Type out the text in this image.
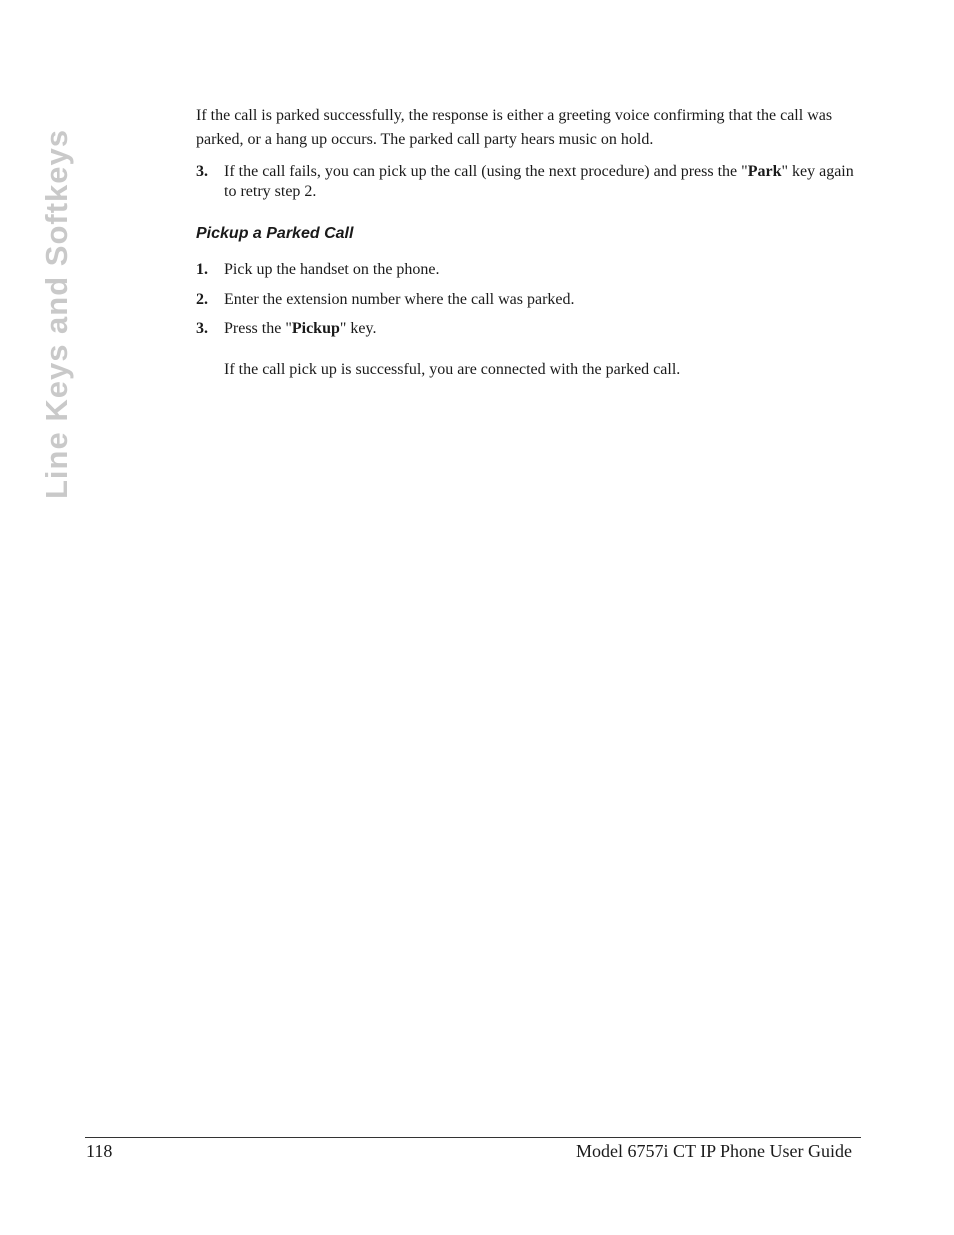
Line Keys and Softkeys

If the call is parked successfully, the response is either a greeting voice confirming that the call was parked, or a hang up occurs. The parked call party hears music on hold.

3.	If the call fails, you can pick up the call (using the next procedure) and press the "Park" key again to retry step 2.
Pickup a Parked Call
1.	Pick up the handset on the phone.
2.	Enter the extension number where the call was parked.
3.	Press the "Pickup" key.
If the call pick up is successful, you are connected with the parked call.
118	Model 6757i CT IP Phone User Guide
